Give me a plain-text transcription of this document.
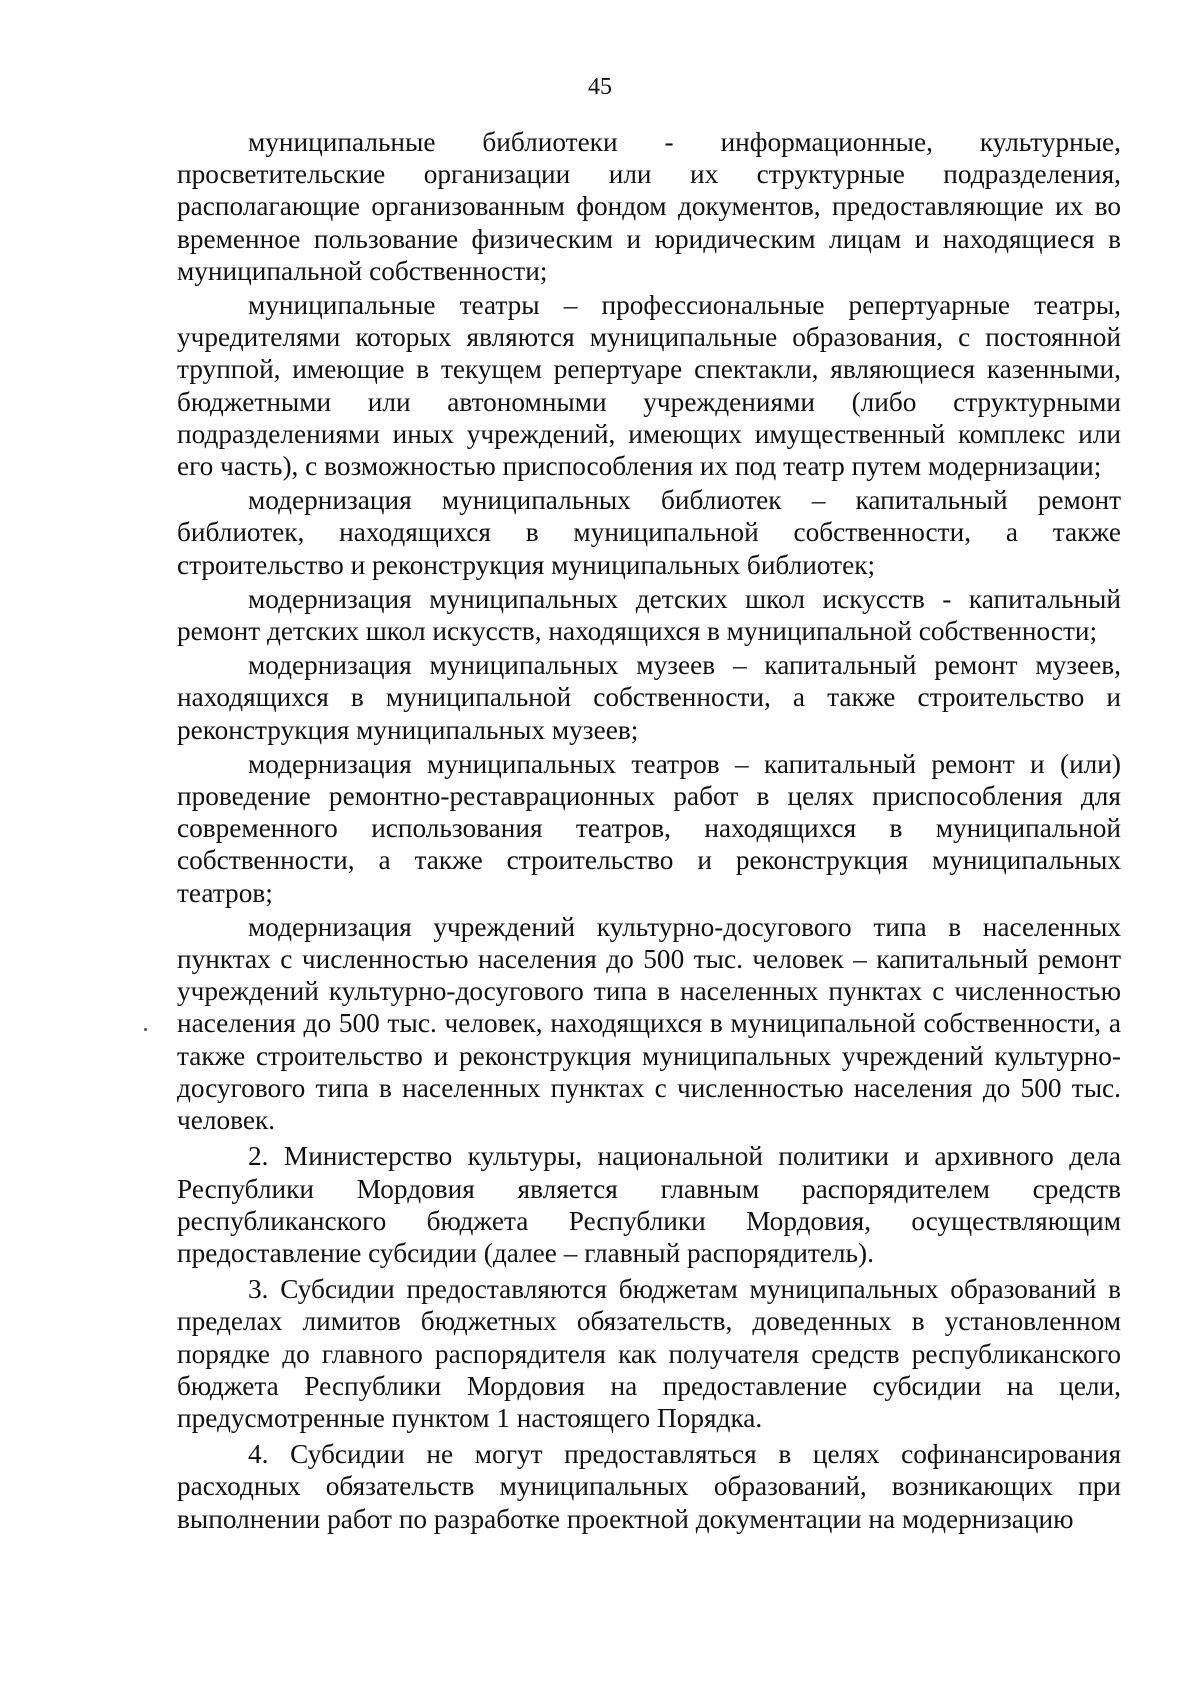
45

муниципальные библиотеки - информационные, культурные, просветительские организации или их структурные подразделения, располагающие организованным фондом документов, предоставляющие их во временное пользование физическим и юридическим лицам и находящиеся в муниципальной собственности;

муниципальные театры – профессиональные репертуарные театры, учредителями которых являются муниципальные образования, с постоянной труппой, имеющие в текущем репертуаре спектакли, являющиеся казенными, бюджетными или автономными учреждениями (либо структурными подразделениями иных учреждений, имеющих имущественный комплекс или его часть), с возможностью приспособления их под театр путем модернизации;

модернизация муниципальных библиотек – капитальный ремонт библиотек, находящихся в муниципальной собственности, а также строительство и реконструкция муниципальных библиотек;

модернизация муниципальных детских школ искусств - капитальный ремонт детских школ искусств, находящихся в муниципальной собственности;

модернизация муниципальных музеев – капитальный ремонт музеев, находящихся в муниципальной собственности, а также строительство и реконструкция муниципальных музеев;

модернизация муниципальных театров – капитальный ремонт и (или) проведение ремонтно-реставрационных работ в целях приспособления для современного использования театров, находящихся в муниципальной собственности, а также строительство и реконструкция муниципальных театров;

модернизация учреждений культурно-досугового типа в населенных пунктах с численностью населения до 500 тыс. человек – капитальный ремонт учреждений культурно-досугового типа в населенных пунктах с численностью населения до 500 тыс. человек, находящихся в муниципальной собственности, а также строительство и реконструкция муниципальных учреждений культурно-досугового типа в населенных пунктах с численностью населения до 500 тыс. человек.

2. Министерство культуры, национальной политики и архивного дела Республики Мордовия является главным распорядителем средств республиканского бюджета Республики Мордовия, осуществляющим предоставление субсидии (далее – главный распорядитель).

3. Субсидии предоставляются бюджетам муниципальных образований в пределах лимитов бюджетных обязательств, доведенных в установленном порядке до главного распорядителя как получателя средств республиканского бюджета Республики Мордовия на предоставление субсидии на цели, предусмотренные пунктом 1 настоящего Порядка.

4. Субсидии не могут предоставляться в целях софинансирования расходных обязательств муниципальных образований, возникающих при выполнении работ по разработке проектной документации на модернизацию
